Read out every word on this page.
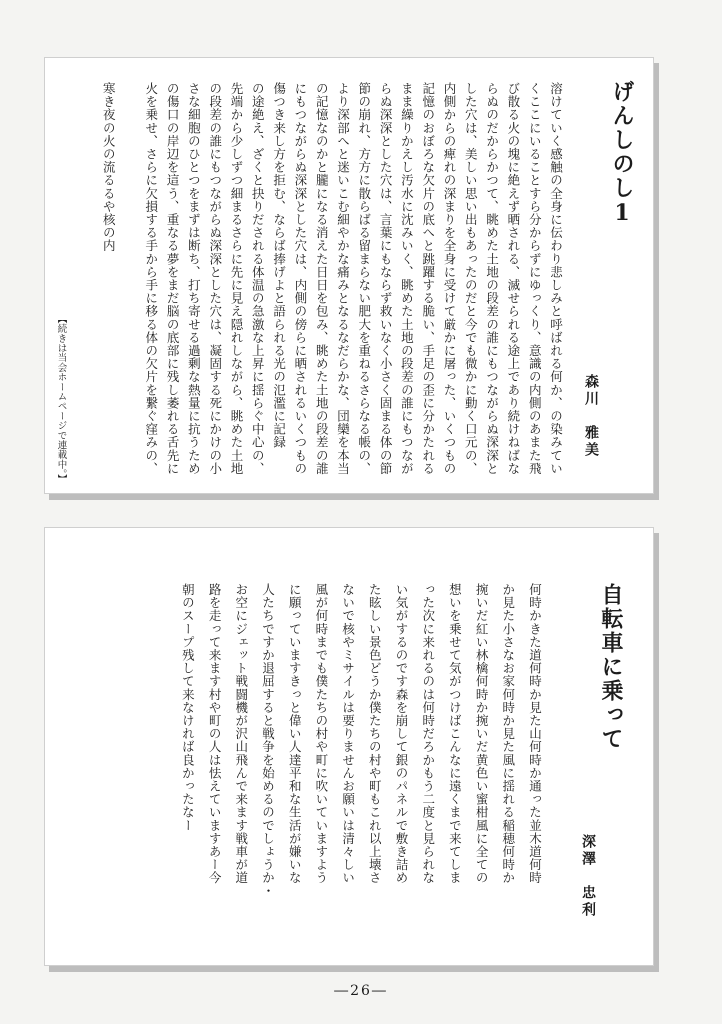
げんしのし1
森川　雅美
溶けていく感触の全身に伝わり悲しみと呼ばれる何か、の染みてい
くここにいることすら分からずにゆっくり、意識の内側のあまた飛
び散る火の塊に絶えず晒される、滅せられる途上であり続けねばな
らぬのだからかつて、眺めた土地の段差の誰にもつながらぬ深深と
した穴は、美しい思い出もあったのだと今でも微かに動く口元の、
内側からの痺れの深まりを全身に受けて厳かに屠った、いくつもの
記憶のおぼろな欠片の底へと跳躍する脆い、手足の歪に分かたれる
まま繰りかえし汚水に沈みいく、眺めた土地の段差の誰にもつなが
らぬ深深とした穴は、言葉にもならず救いなく小さく固まる体の節
節の崩れ、方方に散らばる留まらない肥大を重ねるさらなる帳の、
より深部へと迷いこむ細やかな痛みとなるなだらかな、団欒を本当
の記憶なのかと朧になる消えた日日を包み、眺めた土地の段差の誰
にもつながらぬ深深とした穴は、内側の傍らに晒されるいくつもの
傷つき来し方を拒む、ならば捧げよと語られる光の氾濫に記録
の途絶え、ざくと抉りだされる体温の急激な上昇に揺らぐ中心の、
先端から少しずつ細まるさらに先に見え隠れしながら、眺めた土地
の段差の誰にもつながらぬ深深とした穴は、凝固する死にかけの小
さな細胞のひとつをまずは断ち、打ち寄せる過剰な熱量に抗うため
の傷口の岸辺を這う、重なる夢をまだ脳の底部に残し萎れる舌先に
火を乗せ、さらに欠損する手から手に移る体の欠片を繋ぐ窪みの、
寒き夜の火の流るるや核の内
【続きは当会ホームページで連載中。】
自転車に乗って
深澤　忠利
何時かきた道何時か見た山何時か通った並木道何時
か見た小さなお家何時か見た風に揺れる稲穂何時か
捥いだ紅い林檎何時か捥いだ黄色い蜜柑風に全ての
想いを乗せて気がつけばこんなに遠くまで来てしま
った次に来れるのは何時だろかもう二度と見られな
い気がするのです森を崩して銀のパネルで敷き詰め
た眩しい景色どうか僕たちの村や町もこれ以上壊さ
ないで核やミサイルは要りませんお願いは清々しい
風が何時までも僕たちの村や町に吹いていますよう
に願っていますきっと偉い人達平和な生活が嫌いな
人たちですか退屈すると戦争を始めるのでしょうか・
お空にジェット戦闘機が沢山飛んで来ます戦車が道
路を走って来ます村や町の人は怯えていますあー今
朝のスープ残して来なければ良かったなー
―26―
